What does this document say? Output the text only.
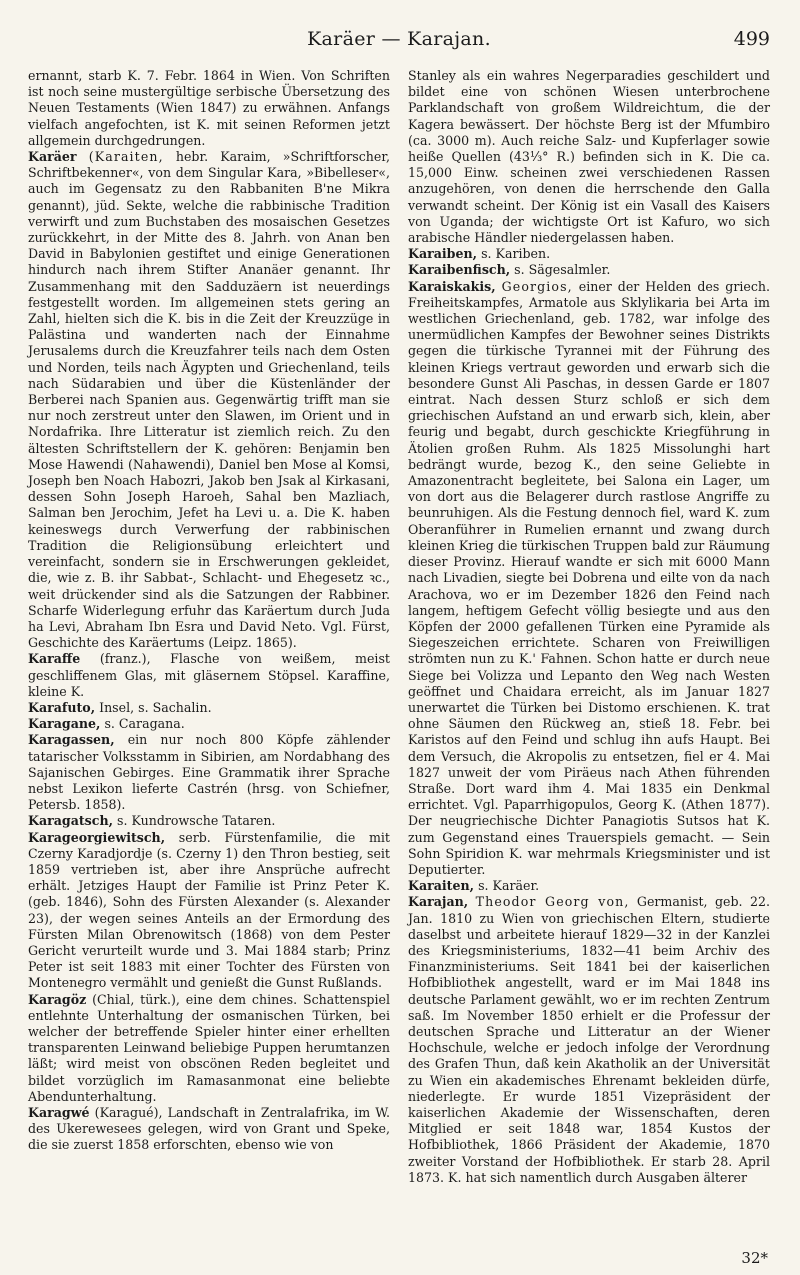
Karäer — Karajan.	499

ernannt, starb K. 7. Febr. 1864 in Wien. Von Schriften ist noch seine mustergültige serbische Übersetzung des Neuen Testaments (Wien 1847) zu erwähnen. Anfangs vielfach angefochten, ist K. mit seinen Reformen jetzt allgemein durchgedrungen.

Karäer (Karaiten, hebr. Karaim, »Schriftforscher, Schriftbekenner«, von dem Singular Kara, »Bibelleser«, auch im Gegensatz zu den Rabbaniten B'ne Mikra genannt), jüd. Sekte, welche die rabbinische Tradition verwirft und zum Buchstaben des mosaischen Gesetzes zurückkehrt, in der Mitte des 8. Jahrh. von Anan ben David in Babylonien gestiftet und einige Generationen hindurch nach ihrem Stifter Ananäer genannt. Ihr Zusammenhang mit den Sadduzäern ist neuerdings festgestellt worden. Im allgemeinen stets gering an Zahl, hielten sich die K. bis in die Zeit der Kreuzzüge in Palästina und wanderten nach der Einnahme Jerusalems durch die Kreuzfahrer teils nach dem Osten und Norden, teils nach Ägypten und Griechenland, teils nach Südarabien und über die Küstenländer der Berberei nach Spanien aus. Gegenwärtig trifft man sie nur noch zerstreut unter den Slawen, im Orient und in Nordafrika. Ihre Litteratur ist ziemlich reich. Zu den ältesten Schriftstellern der K. gehören: Benjamin ben Mose Hawendi (Nahawendi), Daniel ben Mose al Komsi, Joseph ben Noach Habozri, Jakob ben Jsak al Kirkasani, dessen Sohn Joseph Haroeh, Sahal ben Mazliach, Salman ben Jerochim, Jefet ha Levi u. a. Die K. haben keineswegs durch Verwerfung der rabbinischen Tradition die Religionsübung erleichtert und vereinfacht, sondern sie in Erschwerungen gekleidet, die, wie z. B. ihr Sabbat-, Schlacht- und Ehegesetz ꝛc., weit drückender sind als die Satzungen der Rabbiner. Scharfe Widerlegung erfuhr das Karäertum durch Juda ha Levi, Abraham Ibn Esra und David Neto. Vgl. Fürst, Geschichte des Karäertums (Leipz. 1865).

Karaffe (franz.), Flasche von weißem, meist geschliffenem Glas, mit gläsernem Stöpsel. Karaffine, kleine K.

Karafuto, Insel, s. Sachalin.

Karagane, s. Caragana.

Karagassen, ein nur noch 800 Köpfe zählender tatarischer Volksstamm in Sibirien, am Nordabhang des Sajanischen Gebirges. Eine Grammatik ihrer Sprache nebst Lexikon lieferte Castrén (hrsg. von Schiefner, Petersb. 1858).

Karagatsch, s. Kundrowsche Tataren.

Karageorgiewitsch, serb. Fürstenfamilie, die mit Czerny Karadjordje (s. Czerny 1) den Thron bestieg, seit 1859 vertrieben ist, aber ihre Ansprüche aufrecht erhält. Jetziges Haupt der Familie ist Prinz Peter K. (geb. 1846), Sohn des Fürsten Alexander (s. Alexander 23), der wegen seines Anteils an der Ermordung des Fürsten Milan Obrenowitsch (1868) von dem Pester Gericht verurteilt wurde und 3. Mai 1884 starb; Prinz Peter ist seit 1883 mit einer Tochter des Fürsten von Montenegro vermählt und genießt die Gunst Rußlands.

Karagöz (Chial, türk.), eine dem chines. Schattenspiel entlehnte Unterhaltung der osmanischen Türken, bei welcher der betreffende Spieler hinter einer erhellten transparenten Leinwand beliebige Puppen herumtanzen läßt; wird meist von obscönen Reden begleitet und bildet vorzüglich im Ramasanmonat eine beliebte Abendunterhaltung.

Karagwé (Karagué), Landschaft in Zentralafrika, im W. des Ukerewesees gelegen, wird von Grant und Speke, die sie zuerst 1858 erforschten, ebenso wie von

Stanley als ein wahres Negerparadies geschildert und bildet eine von schönen Wiesen unterbrochene Parklandschaft von großem Wildreichtum, die der Kagera bewässert. Der höchste Berg ist der Mfumbiro (ca. 3000 m). Auch reiche Salz- und Kupferlager sowie heiße Quellen (43⅓° R.) befinden sich in K. Die ca. 15,000 Einw. scheinen zwei verschiedenen Rassen anzugehören, von denen die herrschende den Galla verwandt scheint. Der König ist ein Vasall des Kaisers von Uganda; der wichtigste Ort ist Kafuro, wo sich arabische Händler niedergelassen haben.

Karaiben, s. Kariben.

Karaibenfisch, s. Sägesalmler.

Karaiskakis, Georgios, einer der Helden des griech. Freiheitskampfes, Armatole aus Sklylikaria bei Arta im westlichen Griechenland, geb. 1782, war infolge des unermüdlichen Kampfes der Bewohner seines Distrikts gegen die türkische Tyrannei mit der Führung des kleinen Kriegs vertraut geworden und erwarb sich die besondere Gunst Ali Paschas, in dessen Garde er 1807 eintrat. Nach dessen Sturz schloß er sich dem griechischen Aufstand an und erwarb sich, klein, aber feurig und begabt, durch geschickte Kriegführung in Ätolien großen Ruhm. Als 1825 Missolunghi hart bedrängt wurde, bezog K., den seine Geliebte in Amazonentracht begleitete, bei Salona ein Lager, um von dort aus die Belagerer durch rastlose Angriffe zu beunruhigen. Als die Festung dennoch fiel, ward K. zum Oberanführer in Rumelien ernannt und zwang durch kleinen Krieg die türkischen Truppen bald zur Räumung dieser Provinz. Hierauf wandte er sich mit 6000 Mann nach Livadien, siegte bei Dobrena und eilte von da nach Arachova, wo er im Dezember 1826 den Feind nach langem, heftigem Gefecht völlig besiegte und aus den Köpfen der 2000 gefallenen Türken eine Pyramide als Siegeszeichen errichtete. Scharen von Freiwilligen strömten nun zu K.' Fahnen. Schon hatte er durch neue Siege bei Volizza und Lepanto den Weg nach Westen geöffnet und Chaidara erreicht, als im Januar 1827 unerwartet die Türken bei Distomo erschienen. K. trat ohne Säumen den Rückweg an, stieß 18. Febr. bei Karistos auf den Feind und schlug ihn aufs Haupt. Bei dem Versuch, die Akropolis zu entsetzen, fiel er 4. Mai 1827 unweit der vom Piräeus nach Athen führenden Straße. Dort ward ihm 4. Mai 1835 ein Denkmal errichtet. Vgl. Paparrhigopulos, Georg K. (Athen 1877). Der neugriechische Dichter Panagiotis Sutsos hat K. zum Gegenstand eines Trauerspiels gemacht. — Sein Sohn Spiridion K. war mehrmals Kriegsminister und ist Deputierter.

Karaiten, s. Karäer.

Karajan, Theodor Georg von, Germanist, geb. 22. Jan. 1810 zu Wien von griechischen Eltern, studierte daselbst und arbeitete hierauf 1829—32 in der Kanzlei des Kriegsministeriums, 1832—41 beim Archiv des Finanzministeriums. Seit 1841 bei der kaiserlichen Hofbibliothek angestellt, ward er im Mai 1848 ins deutsche Parlament gewählt, wo er im rechten Zentrum saß. Im November 1850 erhielt er die Professur der deutschen Sprache und Litteratur an der Wiener Hochschule, welche er jedoch infolge der Verordnung des Grafen Thun, daß kein Akatholik an der Universität zu Wien ein akademisches Ehrenamt bekleiden dürfe, niederlegte. Er wurde 1851 Vizepräsident der kaiserlichen Akademie der Wissenschaften, deren Mitglied er seit 1848 war, 1854 Kustos der Hofbibliothek, 1866 Präsident der Akademie, 1870 zweiter Vorstand der Hofbibliothek. Er starb 28. April 1873. K. hat sich namentlich durch Ausgaben älterer

32*
